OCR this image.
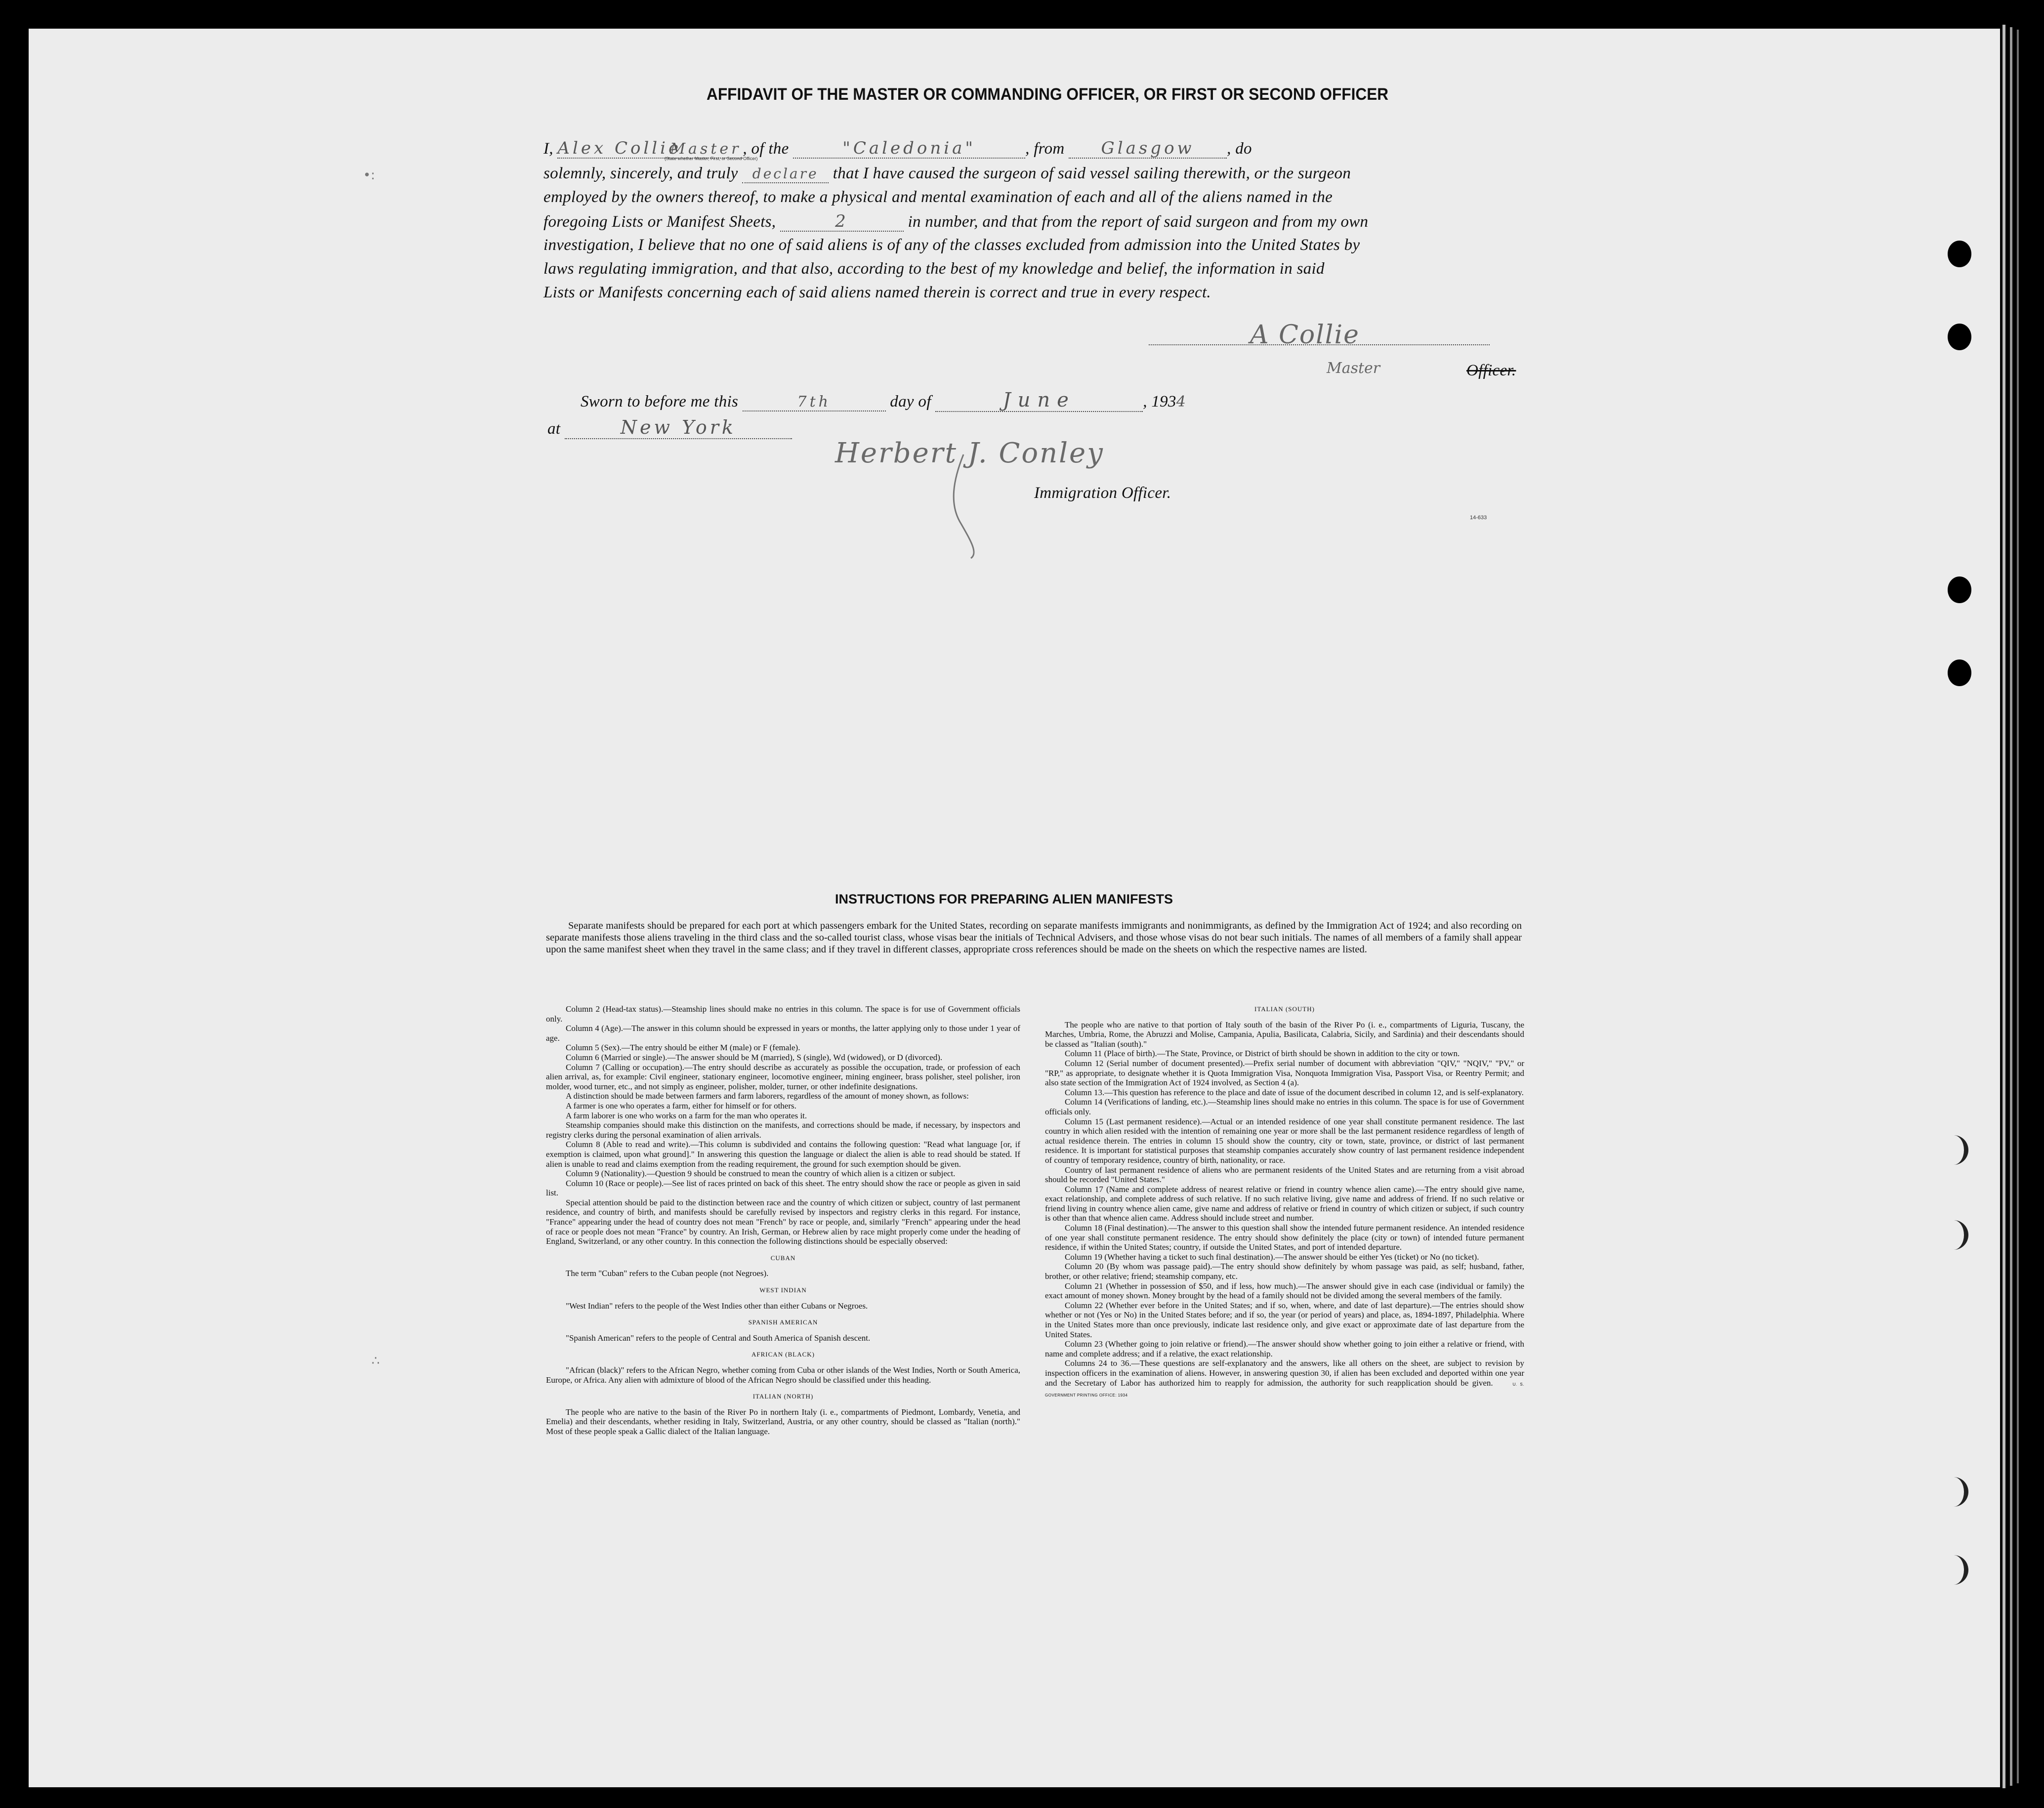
•:
∴
AFFIDAVIT OF THE MASTER OR COMMANDING OFFICER, OR FIRST OR SECOND OFFICER
I, Alex CollieMaster, of the	"Caledonia"	, from Glasgow , do
(State whether Master, First, or Second Officer)
solemnly, sincerely, and truly declare that I have caused the surgeon of said vessel sailing therewith, or the surgeon
employed by the owners thereof, to make a physical and mental examination of each and all of the aliens named in the
foregoing Lists or Manifest Sheets,	2	in number, and that from the report of said surgeon and from my own
investigation, I believe that no one of said aliens is of any of the classes excluded from admission into the United States by
laws regulating immigration, and that also, according to the best of my knowledge and belief, the information in said
Lists or Manifests concerning each of said aliens named therein is correct and true in every respect.
A Collie
Master	Officer.
Sworn to before me this	7th	day of	June	, 1934
at	New York
Herbert J. Conley
Immigration Officer.
14-633
INSTRUCTIONS FOR PREPARING ALIEN MANIFESTS
Separate manifests should be prepared for each port at which passengers embark for the United States, recording on separate manifests immigrants and nonimmigrants, as defined by the Immigration Act of 1924; and also recording on separate manifests those aliens traveling in the third class and the so-called tourist class, whose visas bear the initials of Technical Advisers, and those whose visas do not bear such initials. The names of all members of a family shall appear upon the same manifest sheet when they travel in the same class; and if they travel in different classes, appropriate cross references should be made on the sheets on which the respective names are listed.

Column 2 (Head-tax status).—Steamship lines should make no entries in this column. The space is for use of Government officials only.

Column 4 (Age).—The answer in this column should be expressed in years or months, the latter applying only to those under 1 year of age.

Column 5 (Sex).—The entry should be either M (male) or F (female).

Column 6 (Married or single).—The answer should be M (married), S (single), Wd (widowed), or D (divorced).

Column 7 (Calling or occupation).—The entry should describe as accurately as possible the occupation, trade, or profession of each alien arrival, as, for example: Civil engineer, stationary engineer, locomotive engineer, mining engineer, brass polisher, steel polisher, iron molder, wood turner, etc., and not simply as engineer, polisher, molder, turner, or other indefinite designations.

A distinction should be made between farmers and farm laborers, regardless of the amount of money shown, as follows:

A farmer is one who operates a farm, either for himself or for others.

A farm laborer is one who works on a farm for the man who operates it.

Steamship companies should make this distinction on the manifests, and corrections should be made, if necessary, by inspectors and registry clerks during the personal examination of alien arrivals.

Column 8 (Able to read and write).—This column is subdivided and contains the following question: "Read what language [or, if exemption is claimed, upon what ground]." In answering this question the language or dialect the alien is able to read should be stated. If alien is unable to read and claims exemption from the reading requirement, the ground for such exemption should be given.

Column 9 (Nationality).—Question 9 should be construed to mean the country of which alien is a citizen or subject.

Column 10 (Race or people).—See list of races printed on back of this sheet. The entry should show the race or people as given in said list.

Special attention should be paid to the distinction between race and the country of which citizen or subject, country of last permanent residence, and country of birth, and manifests should be carefully revised by inspectors and registry clerks in this regard. For instance, "France" appearing under the head of country does not mean "French" by race or people, and, similarly "French" appearing under the head of race or people does not mean "France" by country. An Irish, German, or Hebrew alien by race might properly come under the heading of England, Switzerland, or any other country. In this connection the following distinctions should be especially observed:

CUBAN

The term "Cuban" refers to the Cuban people (not Negroes).

WEST INDIAN

"West Indian" refers to the people of the West Indies other than either Cubans or Negroes.

SPANISH AMERICAN

"Spanish American" refers to the people of Central and South America of Spanish descent.

AFRICAN (BLACK)

"African (black)" refers to the African Negro, whether coming from Cuba or other islands of the West Indies, North or South America, Europe, or Africa. Any alien with admixture of blood of the African Negro should be classified under this heading.

ITALIAN (NORTH)

The people who are native to the basin of the River Po in northern Italy (i. e., compartments of Piedmont, Lombardy, Venetia, and Emelia) and their descendants, whether residing in Italy, Switzerland, Austria, or any other country, should be classed as "Italian (north)." Most of these people speak a Gallic dialect of the Italian language.

ITALIAN (SOUTH)

The people who are native to that portion of Italy south of the basin of the River Po (i. e., compartments of Liguria, Tuscany, the Marches, Umbria, Rome, the Abruzzi and Molise, Campania, Apulia, Basilicata, Calabria, Sicily, and Sardinia) and their descendants should be classed as "Italian (south)."

Column 11 (Place of birth).—The State, Province, or District of birth should be shown in addition to the city or town.

Column 12 (Serial number of document presented).—Prefix serial number of document with abbreviation "QIV," "NQIV," "PV," or "RP," as appropriate, to designate whether it is Quota Immigration Visa, Nonquota Immigration Visa, Passport Visa, or Reentry Permit; and also state section of the Immigration Act of 1924 involved, as Section 4 (a).

Column 13.—This question has reference to the place and date of issue of the document described in column 12, and is self-explanatory.

Column 14 (Verifications of landing, etc.).—Steamship lines should make no entries in this column. The space is for use of Government officials only.

Column 15 (Last permanent residence).—Actual or an intended residence of one year shall constitute permanent residence. The last country in which alien resided with the intention of remaining one year or more shall be the last permanent residence regardless of length of actual residence therein. The entries in column 15 should show the country, city or town, state, province, or district of last permanent residence. It is important for statistical purposes that steamship companies accurately show country of last permanent residence independent of country of temporary residence, country of birth, nationality, or race.

Country of last permanent residence of aliens who are permanent residents of the United States and are returning from a visit abroad should be recorded "United States."

Column 17 (Name and complete address of nearest relative or friend in country whence alien came).—The entry should give name, exact relationship, and complete address of such relative. If no such relative living, give name and address of friend. If no such relative or friend living in country whence alien came, give name and address of relative or friend in country of which citizen or subject, if such country is other than that whence alien came. Address should include street and number.

Column 18 (Final destination).—The answer to this question shall show the intended future permanent residence. An intended residence of one year shall constitute permanent residence. The entry should show definitely the place (city or town) of intended future permanent residence, if within the United States; country, if outside the United States, and port of intended departure.

Column 19 (Whether having a ticket to such final destination).—The answer should be either Yes (ticket) or No (no ticket).

Column 20 (By whom was passage paid).—The entry should show definitely by whom passage was paid, as self; husband, father, brother, or other relative; friend; steamship company, etc.

Column 21 (Whether in possession of $50, and if less, how much).—The answer should give in each case (individual or family) the exact amount of money shown. Money brought by the head of a family should not be divided among the several members of the family.

Column 22 (Whether ever before in the United States; and if so, when, where, and date of last departure).—The entries should show whether or not (Yes or No) in the United States before; and if so, the year (or period of years) and place, as, 1894-1897, Philadelphia. Where in the United States more than once previously, indicate last residence only, and give exact or approximate date of last departure from the United States.

Column 23 (Whether going to join relative or friend).—The answer should show whether going to join either a relative or friend, with name and complete address; and if a relative, the exact relationship.

Columns 24 to 36.—These questions are self-explanatory and the answers, like all others on the sheet, are subject to revision by inspection officers in the examination of aliens. However, in answering question 30, if alien has been excluded and deported within one year and the Secretary of Labor has authorized him to reapply for admission, the authority for such reapplication should be given.	U. S. GOVERNMENT PRINTING OFFICE: 1934
